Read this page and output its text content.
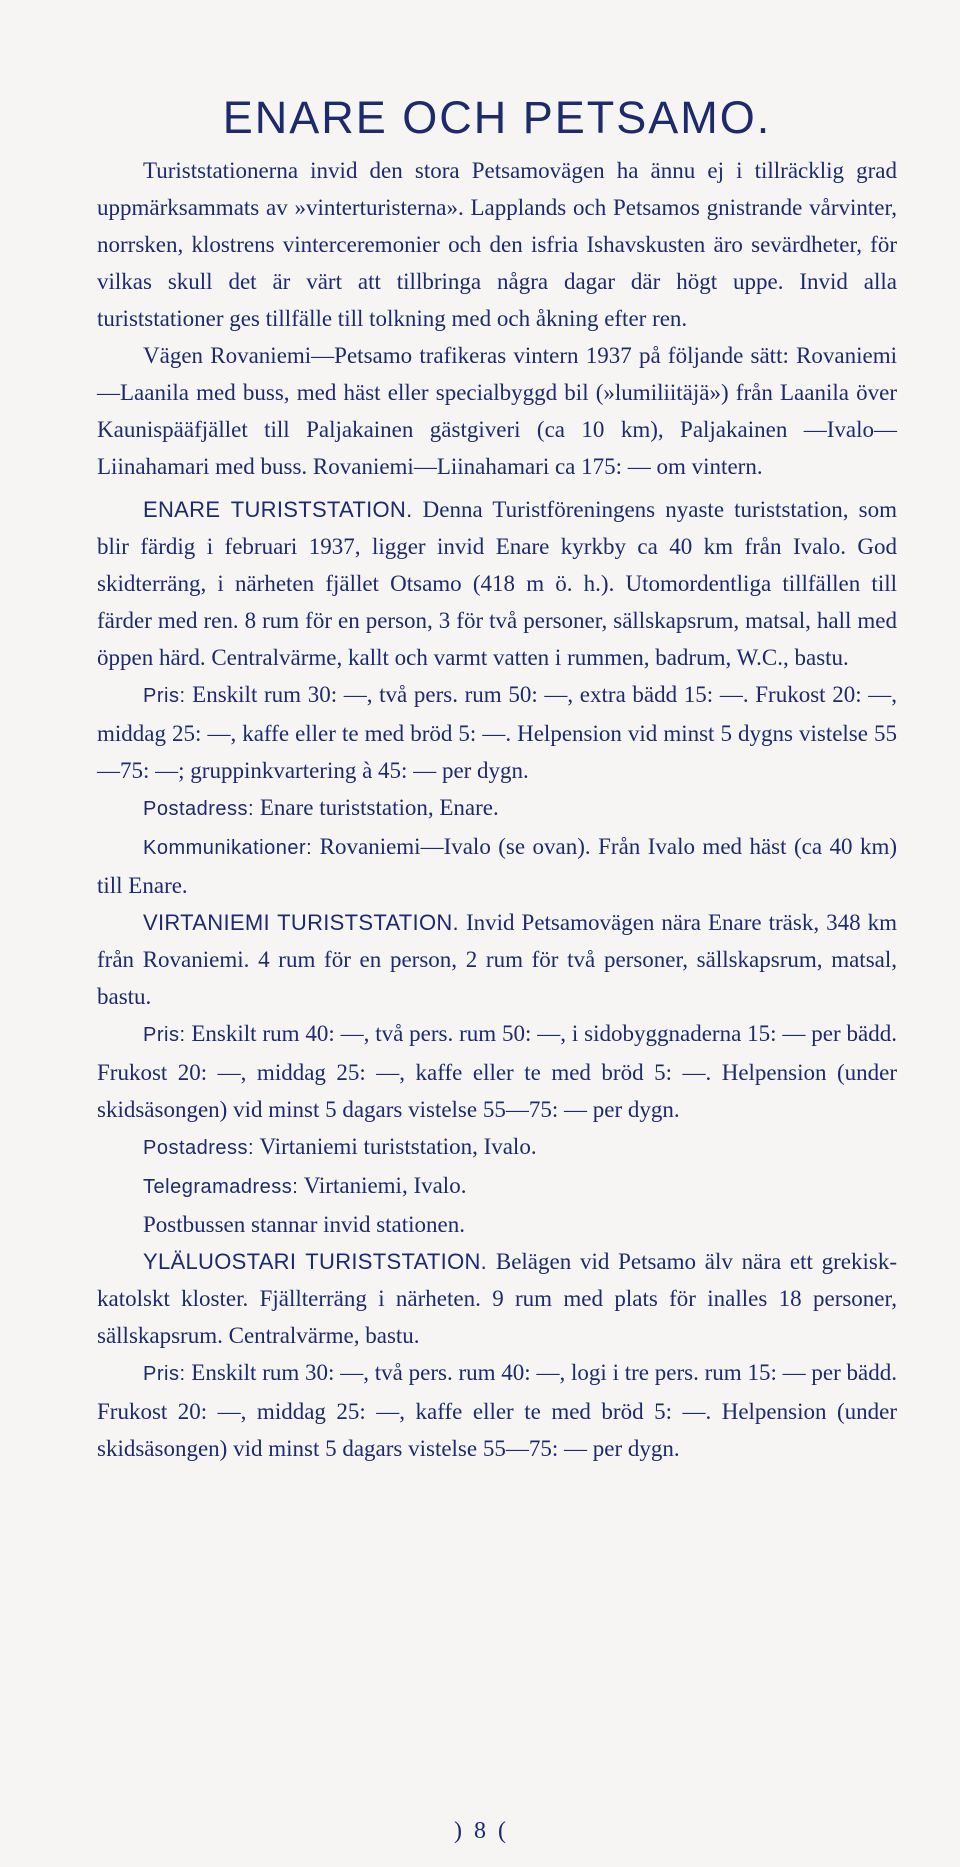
ENARE OCH PETSAMO.

Turiststationerna invid den stora Petsamovägen ha ännu ej i tillräcklig grad uppmärksammats av »vinterturisterna». Lapplands och Petsamos gnistrande vårvinter, norrsken, klostrens vinterceremonier och den isfria Ishavskusten äro sevärdheter, för vilkas skull det är värt att tillbringa några dagar där högt uppe. Invid alla turiststationer ges tillfälle till tolkning med och åkning efter ren.

Vägen Rovaniemi—Petsamo trafikeras vintern 1937 på följande sätt: Rovaniemi—Laanila med buss, med häst eller specialbyggd bil (»lumiliitäjä») från Laanila över Kaunispääfjället till Paljakainen gästgiveri (ca 10 km), Paljakainen —Ivalo—Liinahamari med buss. Rovaniemi—Liinahamari ca 175: — om vintern.

ENARE TURISTSTATION. Denna Turistföreningens nyaste turiststation, som blir färdig i februari 1937, ligger invid Enare kyrkby ca 40 km från Ivalo. God skidterräng, i närheten fjället Otsamo (418 m ö. h.). Utomordentliga tillfällen till färder med ren. 8 rum för en person, 3 för två personer, sällskapsrum, matsal, hall med öppen härd. Centralvärme, kallt och varmt vatten i rummen, badrum, W.C., bastu.

Pris: Enskilt rum 30: —, två pers. rum 50: —, extra bädd 15: —. Frukost 20: —, middag 25: —, kaffe eller te med bröd 5: —. Helpension vid minst 5 dygns vistelse 55—75: —; gruppinkvartering à 45: — per dygn.

Postadress: Enare turiststation, Enare.

Kommunikationer: Rovaniemi—Ivalo (se ovan). Från Ivalo med häst (ca 40 km) till Enare.

VIRTANIEMI TURISTSTATION. Invid Petsamovägen nära Enare träsk, 348 km från Rovaniemi. 4 rum för en person, 2 rum för två personer, sällskapsrum, matsal, bastu.

Pris: Enskilt rum 40: —, två pers. rum 50: —, i sidobyggnaderna 15: — per bädd. Frukost 20: —, middag 25: —, kaffe eller te med bröd 5: —. Helpension (under skidsäsongen) vid minst 5 dagars vistelse 55—75: — per dygn.

Postadress: Virtaniemi turiststation, Ivalo.

Telegramadress: Virtaniemi, Ivalo.

Postbussen stannar invid stationen.

YLÄLUOSTARI TURISTSTATION. Belägen vid Petsamo älv nära ett grekisk-katolskt kloster. Fjällterräng i närheten. 9 rum med plats för inalles 18 personer, sällskapsrum. Centralvärme, bastu.

Pris: Enskilt rum 30: —, två pers. rum 40: —, logi i tre pers. rum 15: — per bädd. Frukost 20: —, middag 25: —, kaffe eller te med bröd 5: —. Helpension (under skidsäsongen) vid minst 5 dagars vistelse 55—75: — per dygn.

) 8 (
